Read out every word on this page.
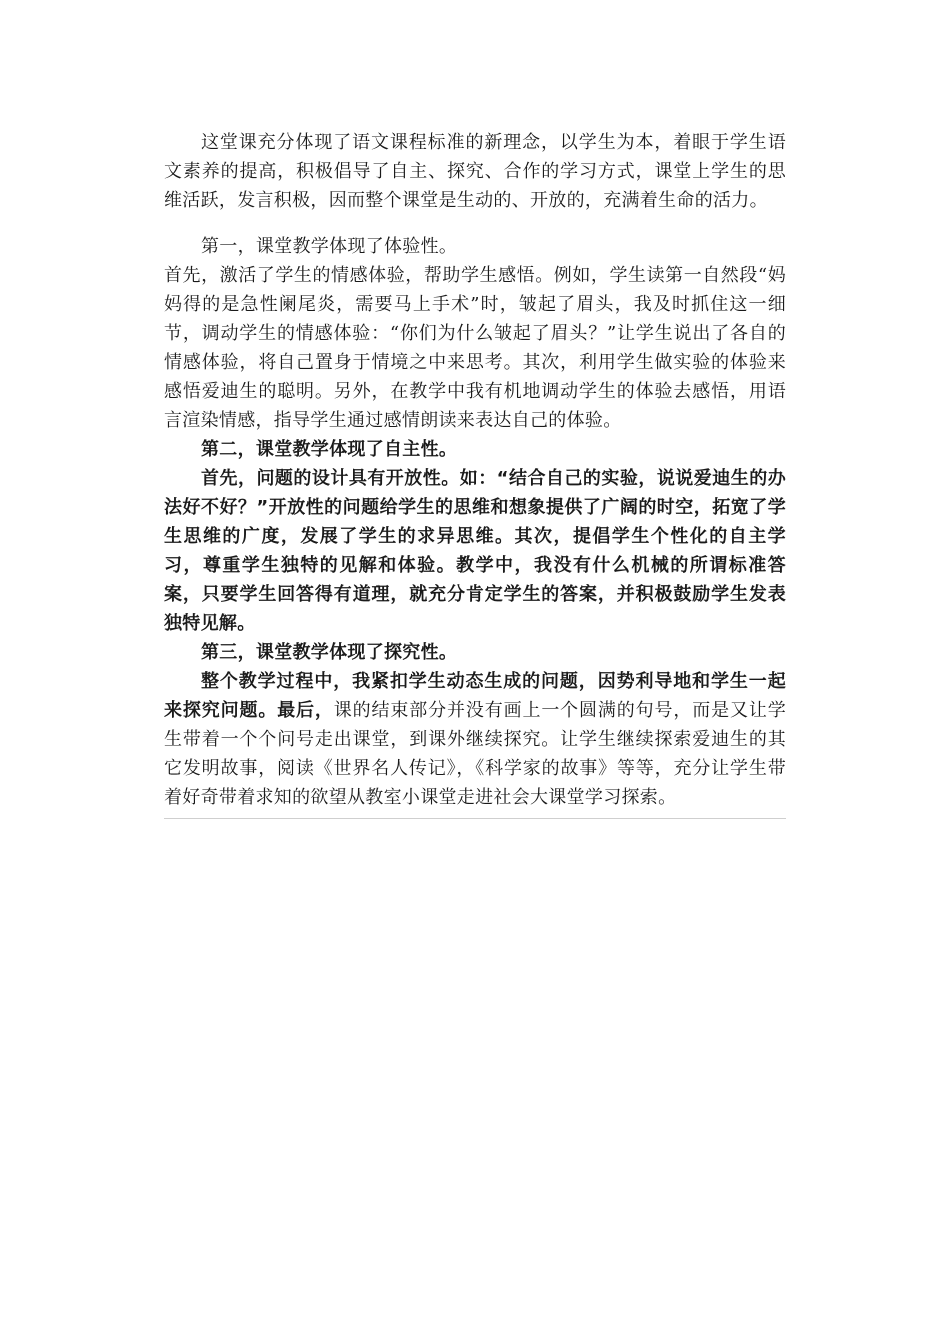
这堂课充分体现了语文课程标准的新理念，以学生为本，着眼于学生语文素养的提高，积极倡导了自主、探究、合作的学习方式，课堂上学生的思维活跃，发言积极，因而整个课堂是生动的、开放的，充满着生命的活力。

第一，课堂教学体现了体验性。

首先，激活了学生的情感体验，帮助学生感悟。例如，学生读第一自然段“妈妈得的是急性阑尾炎，需要马上手术”时，皱起了眉头，我及时抓住这一细节，调动学生的情感体验：“你们为什么皱起了眉头？”让学生说出了各自的情感体验，将自己置身于情境之中来思考。其次，利用学生做实验的体验来感悟爱迪生的聪明。另外，在教学中我有机地调动学生的体验去感悟，用语言渲染情感，指导学生通过感情朗读来表达自己的体验。

第二，课堂教学体现了自主性。

首先，问题的设计具有开放性。如：“结合自己的实验，说说爱迪生的办法好不好？”开放性的问题给学生的思维和想象提供了广阔的时空，拓宽了学生思维的广度，发展了学生的求异思维。其次，提倡学生个性化的自主学习，尊重学生独特的见解和体验。教学中，我没有什么机械的所谓标准答案，只要学生回答得有道理，就充分肯定学生的答案，并积极鼓励学生发表独特见解。

第三，课堂教学体现了探究性。

整个教学过程中，我紧扣学生动态生成的问题，因势利导地和学生一起来探究问题。最后，课的结束部分并没有画上一个圆满的句号，而是又让学生带着一个个问号走出课堂，到课外继续探究。让学生继续探索爱迪生的其它发明故事，阅读《世界名人传记》，《科学家的故事》等等，充分让学生带着好奇带着求知的欲望从教室小课堂走进社会大课堂学习探索。
